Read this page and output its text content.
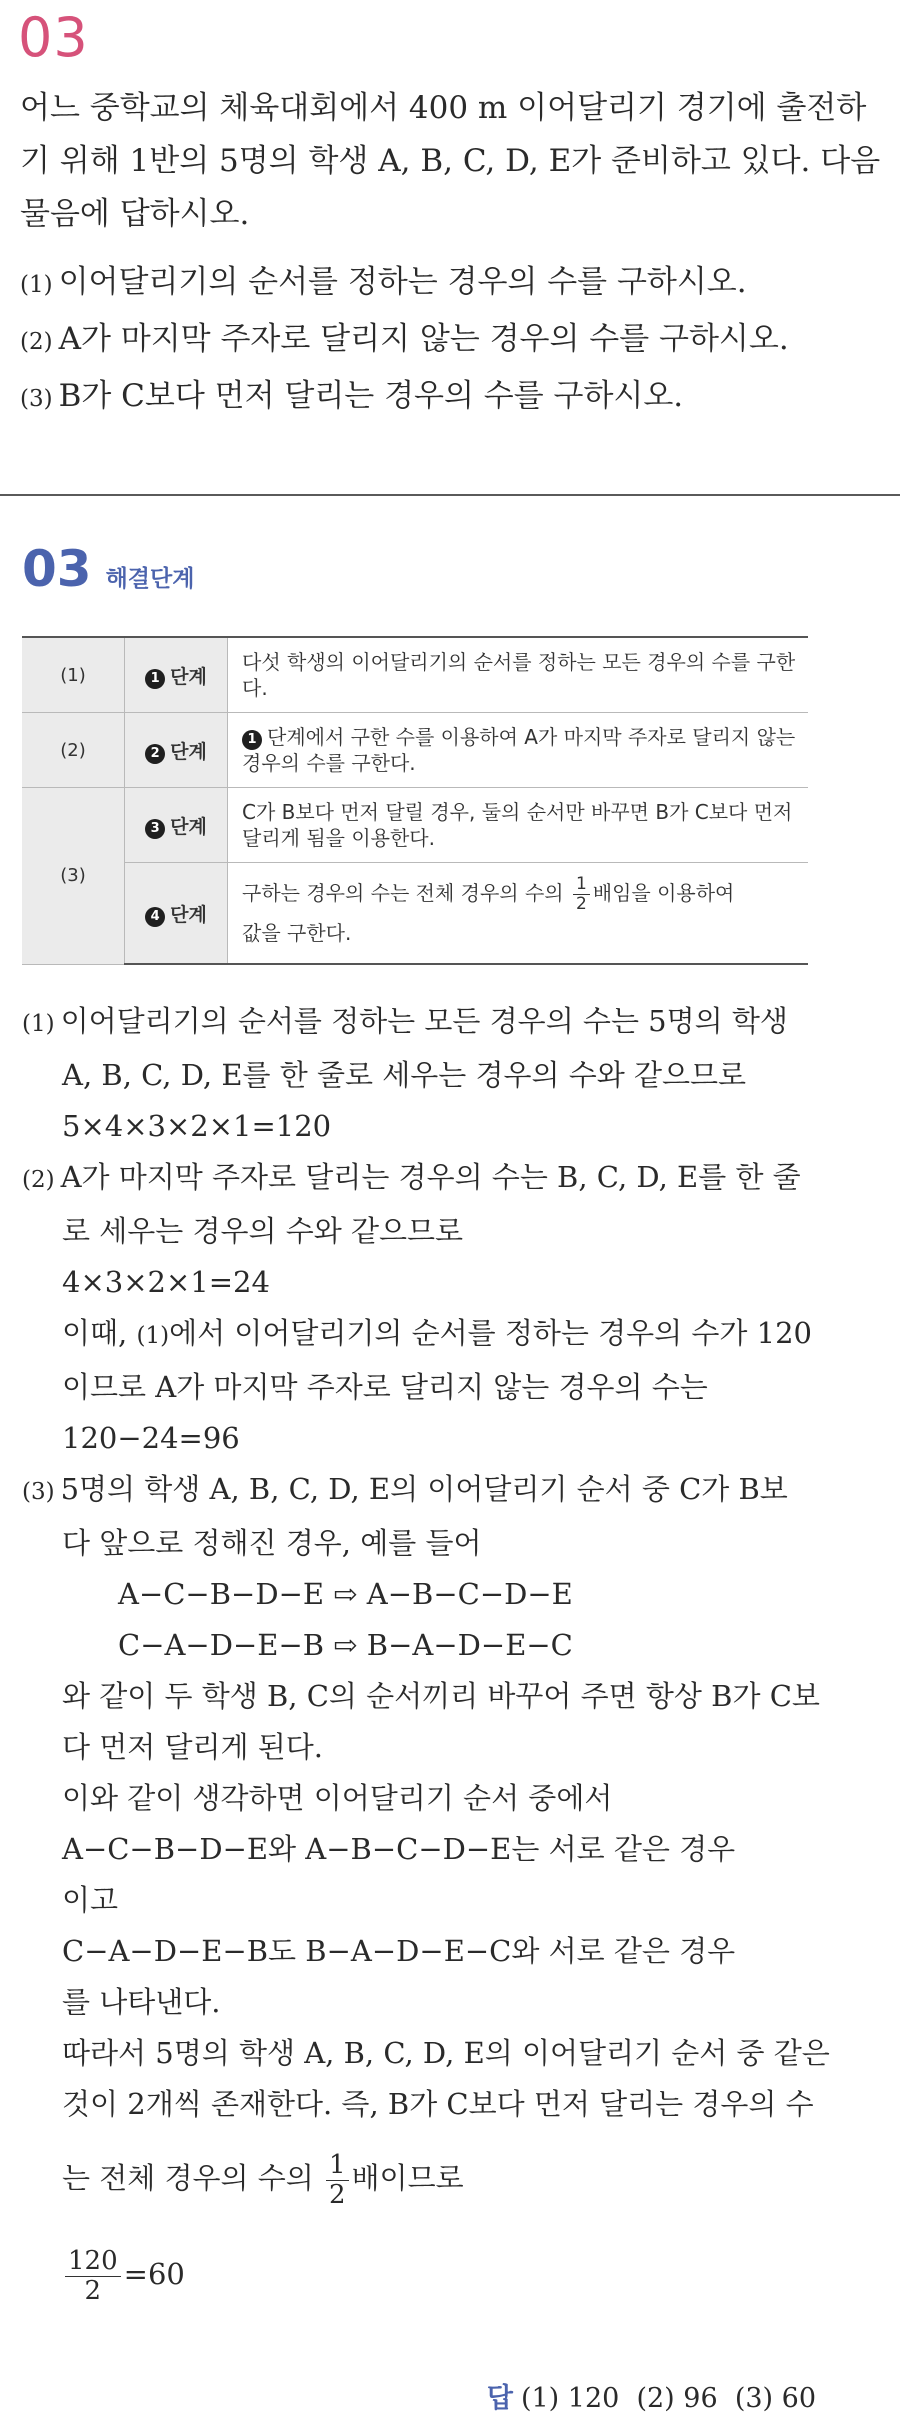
03

어느 중학교의 체육대회에서 400 m 이어달리기 경기에 출전하기 위해 1반의 5명의 학생 A, B, C, D, E가 준비하고 있다. 다음 물음에 답하시오.

(1) 이어달리기의 순서를 정하는 경우의 수를 구하시오.

(2) A가 마지막 주자로 달리지 않는 경우의 수를 구하시오.

(3) B가 C보다 먼저 달리는 경우의 수를 구하시오.

03 해결단계
(1)	1 단계	다섯 학생의 이어달리기의 순서를 정하는 모든 경우의 수를 구한다.
(2)	2 단계	1 단계에서 구한 수를 이용하여 A가 마지막 주자로 달리지 않는 경우의 수를 구한다.
(3)	3 단계	C가 B보다 먼저 달릴 경우, 둘의 순서만 바꾸면 B가 C보다 먼저 달리게 됨을 이용한다.
	4 단계	구하는 경우의 수는 전체 경우의 수의 $\frac{1}{2}$ 배임을 이용하여
값을 구한다.

(1) 이어달리기의 순서를 정하는 모든 경우의 수는 5명의 학생

A, B, C, D, E를 한 줄로 세우는 경우의 수와 같으므로

5×4×3×2×1=120

(2) A가 마지막 주자로 달리는 경우의 수는 B, C, D, E를 한 줄

로 세우는 경우의 수와 같으므로

4×3×2×1=24

이때, (1)에서 이어달리기의 순서를 정하는 경우의 수가 120

이므로 A가 마지막 주자로 달리지 않는 경우의 수는

120−24=96

(3) 5명의 학생 A, B, C, D, E의 이어달리기 순서 중 C가 B보

다 앞으로 정해진 경우, 예를 들어

A−C−B−D−E ⇨ A−B−C−D−E

C−A−D−E−B ⇨ B−A−D−E−C

와 같이 두 학생 B, C의 순서끼리 바꾸어 주면 항상 B가 C보

다 먼저 달리게 된다.

이와 같이 생각하면 이어달리기 순서 중에서

A−C−B−D−E와 A−B−C−D−E는 서로 같은 경우

이고

C−A−D−E−B도 B−A−D−E−C와 서로 같은 경우

를 나타낸다.

따라서 5명의 학생 A, B, C, D, E의 이어달리기 순서 중 같은

것이 2개씩 존재한다. 즉, B가 C보다 먼저 달리는 경우의 수

는 전체 경우의 수의 $\frac{1}{2}$ 배이므로

$\frac{120}{2} =60$

답 (1) 120  (2) 96  (3) 60
